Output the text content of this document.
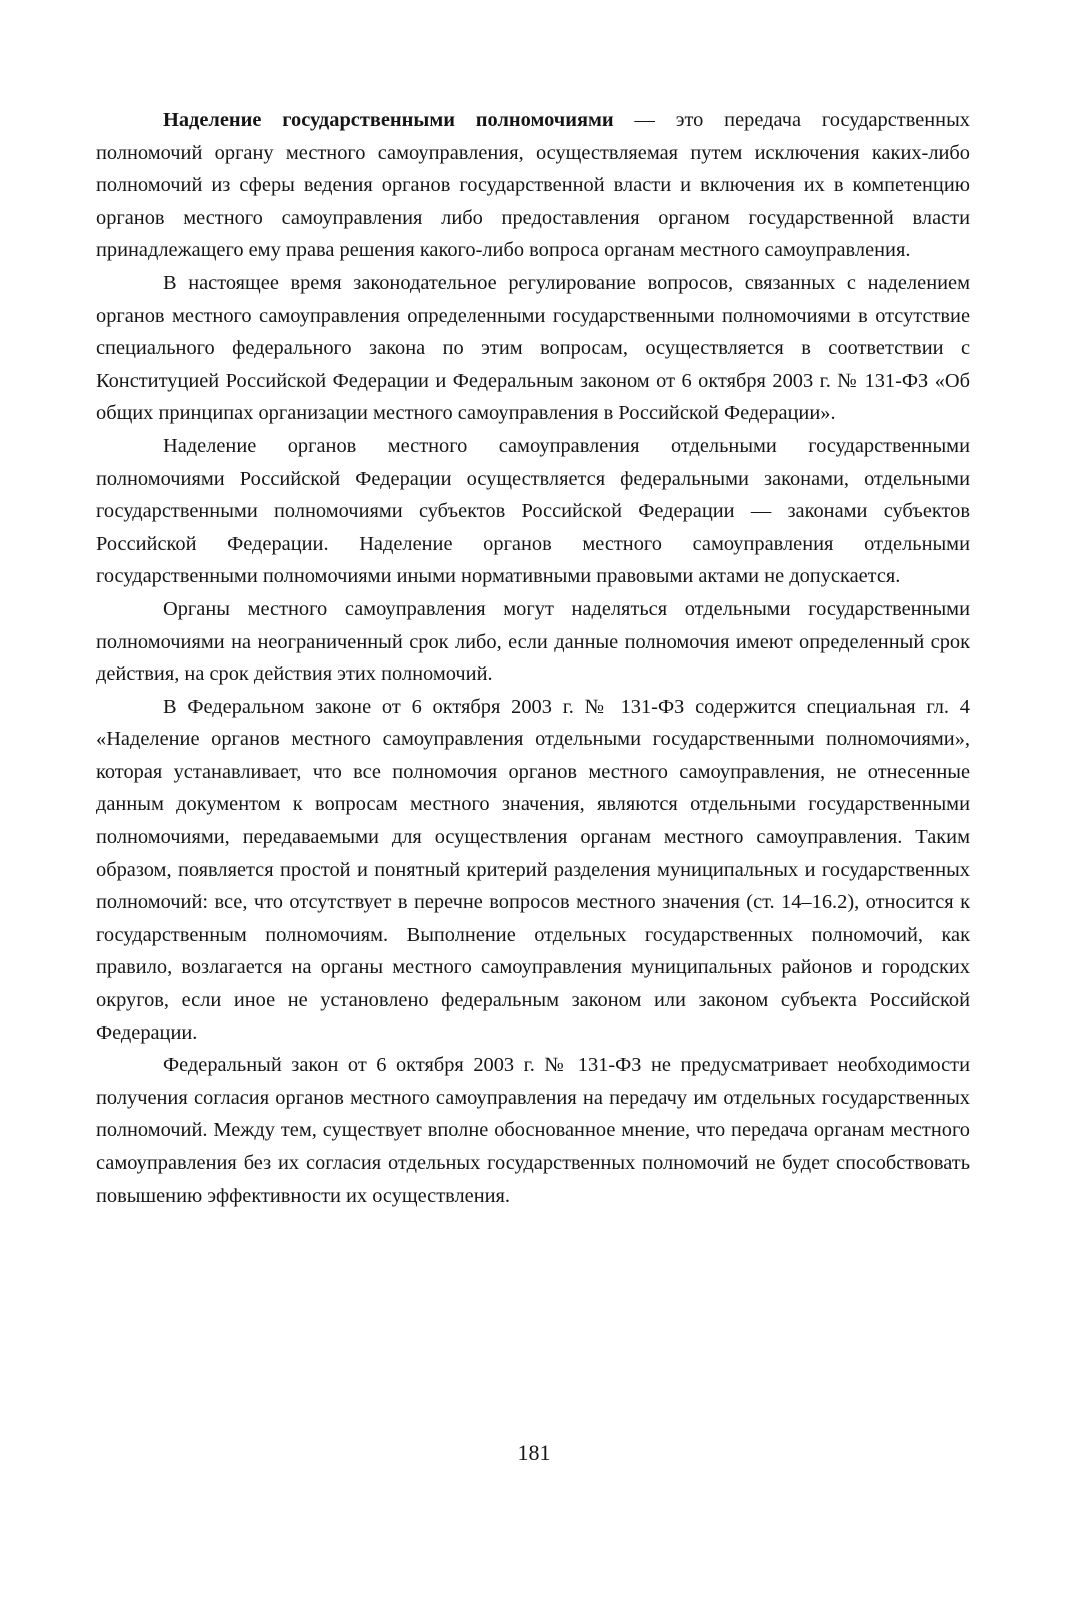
Наделение государственными полномочиями — это передача государственных полномочий органу местного самоуправления, осуществляемая путем исключения каких-либо полномочий из сферы ведения органов государственной власти и включения их в компетенцию органов местного самоуправления либо предоставления органом государственной власти принадлежащего ему права решения какого-либо вопроса органам местного самоуправления.

В настоящее время законодательное регулирование вопросов, связанных с наделением органов местного самоуправления определенными государственными полномочиями в отсутствие специального федерального закона по этим вопросам, осуществляется в соответствии с Конституцией Российской Федерации и Федеральным законом от 6 октября 2003 г. № 131-ФЗ «Об общих принципах организации местного самоуправления в Российской Федерации».

Наделение органов местного самоуправления отдельными государственными полномочиями Российской Федерации осуществляется федеральными законами, отдельными государственными полномочиями субъектов Российской Федерации — законами субъектов Российской Федерации. Наделение органов местного самоуправления отдельными государственными полномочиями иными нормативными правовыми актами не допускается.

Органы местного самоуправления могут наделяться отдельными государственными полномочиями на неограниченный срок либо, если данные полномочия имеют определенный срок действия, на срок действия этих полномочий.

В Федеральном законе от 6 октября 2003 г. № 131-ФЗ содержится специальная гл. 4 «Наделение органов местного самоуправления отдельными государственными полномочиями», которая устанавливает, что все полномочия органов местного самоуправления, не отнесенные данным документом к вопросам местного значения, являются отдельными государственными полномочиями, передаваемыми для осуществления органам местного самоуправления. Таким образом, появляется простой и понятный критерий разделения муниципальных и государственных полномочий: все, что отсутствует в перечне вопросов местного значения (ст. 14–16.2), относится к государственным полномочиям. Выполнение отдельных государственных полномочий, как правило, возлагается на органы местного самоуправления муниципальных районов и городских округов, если иное не установлено федеральным законом или законом субъекта Российской Федерации.

Федеральный закон от 6 октября 2003 г. № 131-ФЗ не предусматривает необходимости получения согласия органов местного самоуправления на передачу им отдельных государственных полномочий. Между тем, существует вполне обоснованное мнение, что передача органам местного самоуправления без их согласия отдельных государственных полномочий не будет способствовать повышению эффективности их осуществления.

181
